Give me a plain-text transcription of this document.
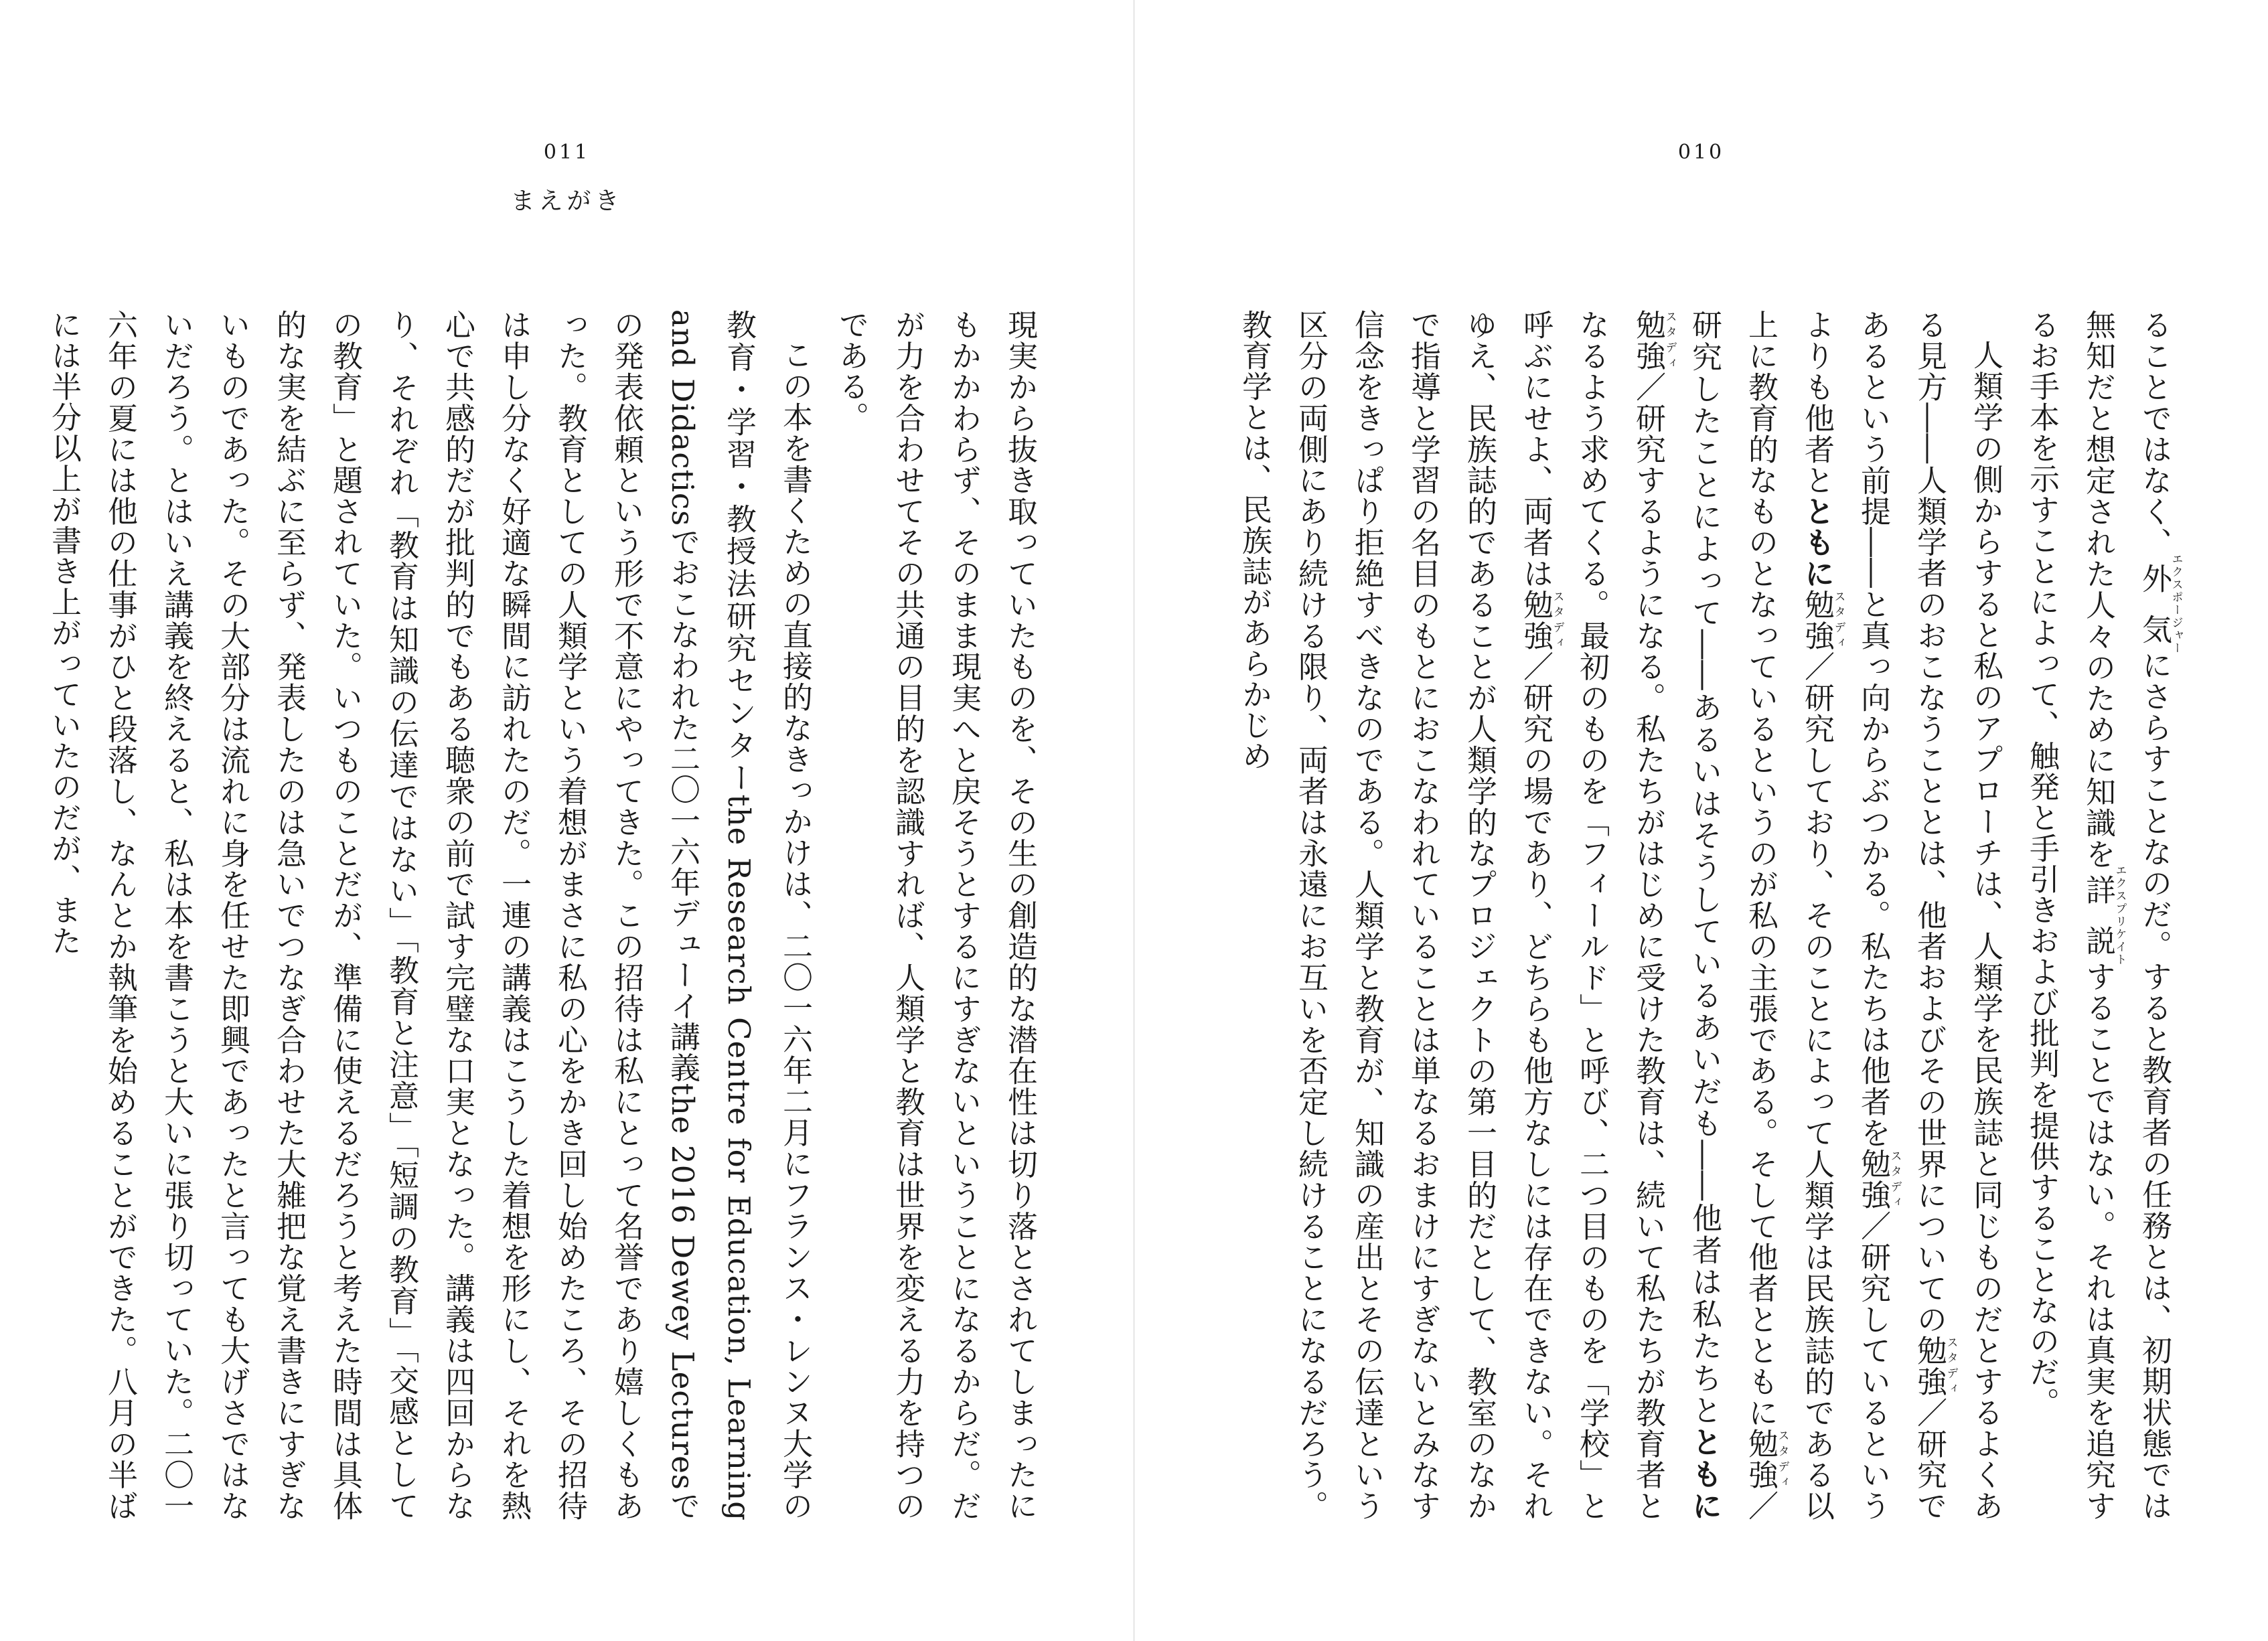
011
まえがき

現実から抜き取っていたものを、その生の創造的な潜在性は切り落とされてしまったにもかかわらず、そのまま現実へと戻そうとするにすぎないということになるからだ。だが力を合わせてその共通の目的を認識すれば、人類学と教育は世界を変える力を持つのである。

この本を書くための直接的なきっかけは、二〇一六年二月にフランス・レンヌ大学の教育・学習・教授法研究センターthe Research Centre for Education, Learning and Didacticsでおこなわれた二〇一六年デューイ講義the 2016 Dewey Lecturesでの発表依頼という形で不意にやってきた。この招待は私にとって名誉であり嬉しくもあった。教育としての人類学という着想がまさに私の心をかき回し始めたころ、その招待は申し分なく好適な瞬間に訪れたのだ。一連の講義はこうした着想を形にし、それを熱心で共感的だが批判的でもある聴衆の前で試す完璧な口実となった。講義は四回からなり、それぞれ「教育は知識の伝達ではない」「教育と注意」「短調の教育」「交感としての教育」と題されていた。いつものことだが、準備に使えるだろうと考えた時間は具体的な実を結ぶに至らず、発表したのは急いでつなぎ合わせた大雑把な覚え書きにすぎないものであった。その大部分は流れに身を任せた即興であったと言っても大げさではないだろう。とはいえ講義を終えると、私は本を書こうと大いに張り切っていた。二〇一六年の夏には他の仕事がひと段落し、なんとか執筆を始めることができた。八月の半ばには半分以上が書き上がっていたのだが、また

010

ることではなく、外気エクスポージャーにさらすことなのだ。すると教育者の任務とは、初期状態では無知だと想定された人々のために知識を詳説エクスプリケイトすることではない。それは真実を追究するお手本を示すことによって、触発と手引きおよび批判を提供することなのだ。

人類学の側からすると私のアプローチは、人類学を民族誌と同じものだとするよくある見方――人類学者のおこなうこととは、他者およびその世界についての勉強スタディ／研究であるという前提――と真っ向からぶつかる。私たちは他者を勉強スタディ／研究しているというよりも他者とともに勉強スタディ／研究しており、そのことによって人類学は民族誌的である以上に教育的なものとなっているというのが私の主張である。そして他者とともに勉強スタディ／研究したことによって――あるいはそうしているあいだも――他者は私たちとともに勉強スタディ／研究するようになる。私たちがはじめに受けた教育は、続いて私たちが教育者となるよう求めてくる。最初のものを「フィールド」と呼び、二つ目のものを「学校」と呼ぶにせよ、両者は勉強スタディ／研究の場であり、どちらも他方なしには存在できない。それゆえ、民族誌的であることが人類学的なプロジェクトの第一目的だとして、教室のなかで指導と学習の名目のもとにおこなわれていることは単なるおまけにすぎないとみなす信念をきっぱり拒絶すべきなのである。人類学と教育が、知識の産出とその伝達という区分の両側にあり続ける限り、両者は永遠にお互いを否定し続けることになるだろう。教育学とは、民族誌があらかじめ
